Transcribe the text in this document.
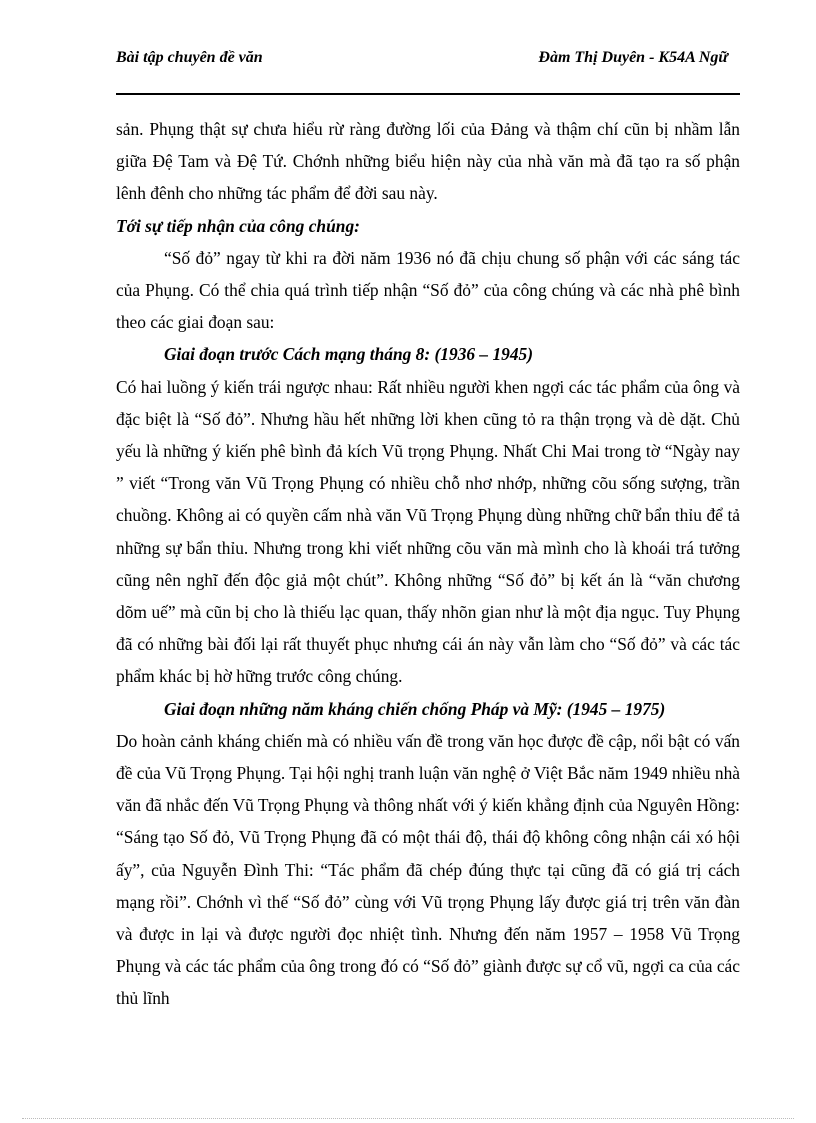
Bài tập chuyên đề văn	Đàm Thị Duyên - K54A Ngữ

sản. Phụng thật sự chưa hiểu rừ ràng đường lối của Đảng và thậm chí cũn bị nhầm lẫn giữa Đệ Tam và Đệ Tứ. Chớnh những biểu hiện này của nhà văn mà đã tạo ra số phận lênh đênh cho những tác phẩm để đời sau này.

Tới sự tiếp nhận của công chúng:

“Số đỏ” ngay từ khi ra đời năm 1936 nó đã chịu chung số phận với các sáng tác của Phụng. Có thể chia quá trình tiếp nhận “Số đỏ” của công chúng và các nhà phê bình theo các giai đoạn sau:

Giai đoạn trước Cách mạng tháng 8: (1936 – 1945)

Có hai luồng ý kiến trái ngược nhau: Rất nhiều người khen ngợi các tác phẩm của ông và đặc biệt là “Số đỏ”. Nhưng hầu hết những lời khen cũng tỏ ra thận trọng và dè dặt. Chủ yếu là những ý kiến phê bình đả kích Vũ trọng Phụng. Nhất Chi Mai trong tờ “Ngày nay ” viết “Trong văn Vũ Trọng Phụng có nhiều chỗ nhơ nhớp, những cõu sống sượng, trần chuồng. Không ai có quyền cấm nhà văn Vũ Trọng Phụng dùng những chữ bẩn thỉu để tả những sự bẩn thỉu. Nhưng trong khi viết những cõu văn mà mình cho là khoái trá tưởng cũng nên nghĩ đến độc giả một chút”. Không những “Số đỏ” bị kết án là “văn chương dõm uế” mà cũn bị cho là thiếu lạc quan, thấy nhõn gian như là một địa ngục. Tuy Phụng đã có những bài đối lại rất thuyết phục nhưng cái án này vẫn làm cho “Số đỏ” và các tác phẩm khác bị hờ hững trước công chúng.

Giai đoạn những năm kháng chiến chống Pháp và Mỹ: (1945 – 1975)

Do hoàn cảnh kháng chiến mà có nhiều vấn đề trong văn học được đề cập, nổi bật có vấn đề của Vũ Trọng Phụng. Tại hội nghị tranh luận văn nghệ ở Việt Bắc năm 1949 nhiều nhà văn đã nhắc đến Vũ Trọng Phụng và thông nhất với ý kiến khẳng định của Nguyên Hồng: “Sáng tạo Số đỏ, Vũ Trọng Phụng đã có một thái độ, thái độ không công nhận cái xó hội ấy”, của Nguyễn Đình Thi: “Tác phẩm đã chép đúng thực tại cũng đã có giá trị cách mạng rồi”. Chớnh vì thế “Số đỏ” cùng với Vũ trọng Phụng lấy được giá trị trên văn đàn và được in lại và được người đọc nhiệt tình. Nhưng đến năm 1957 – 1958 Vũ Trọng Phụng và các tác phẩm của ông trong đó có “Số đỏ” giành được sự cổ vũ, ngợi ca của các thủ lĩnh
